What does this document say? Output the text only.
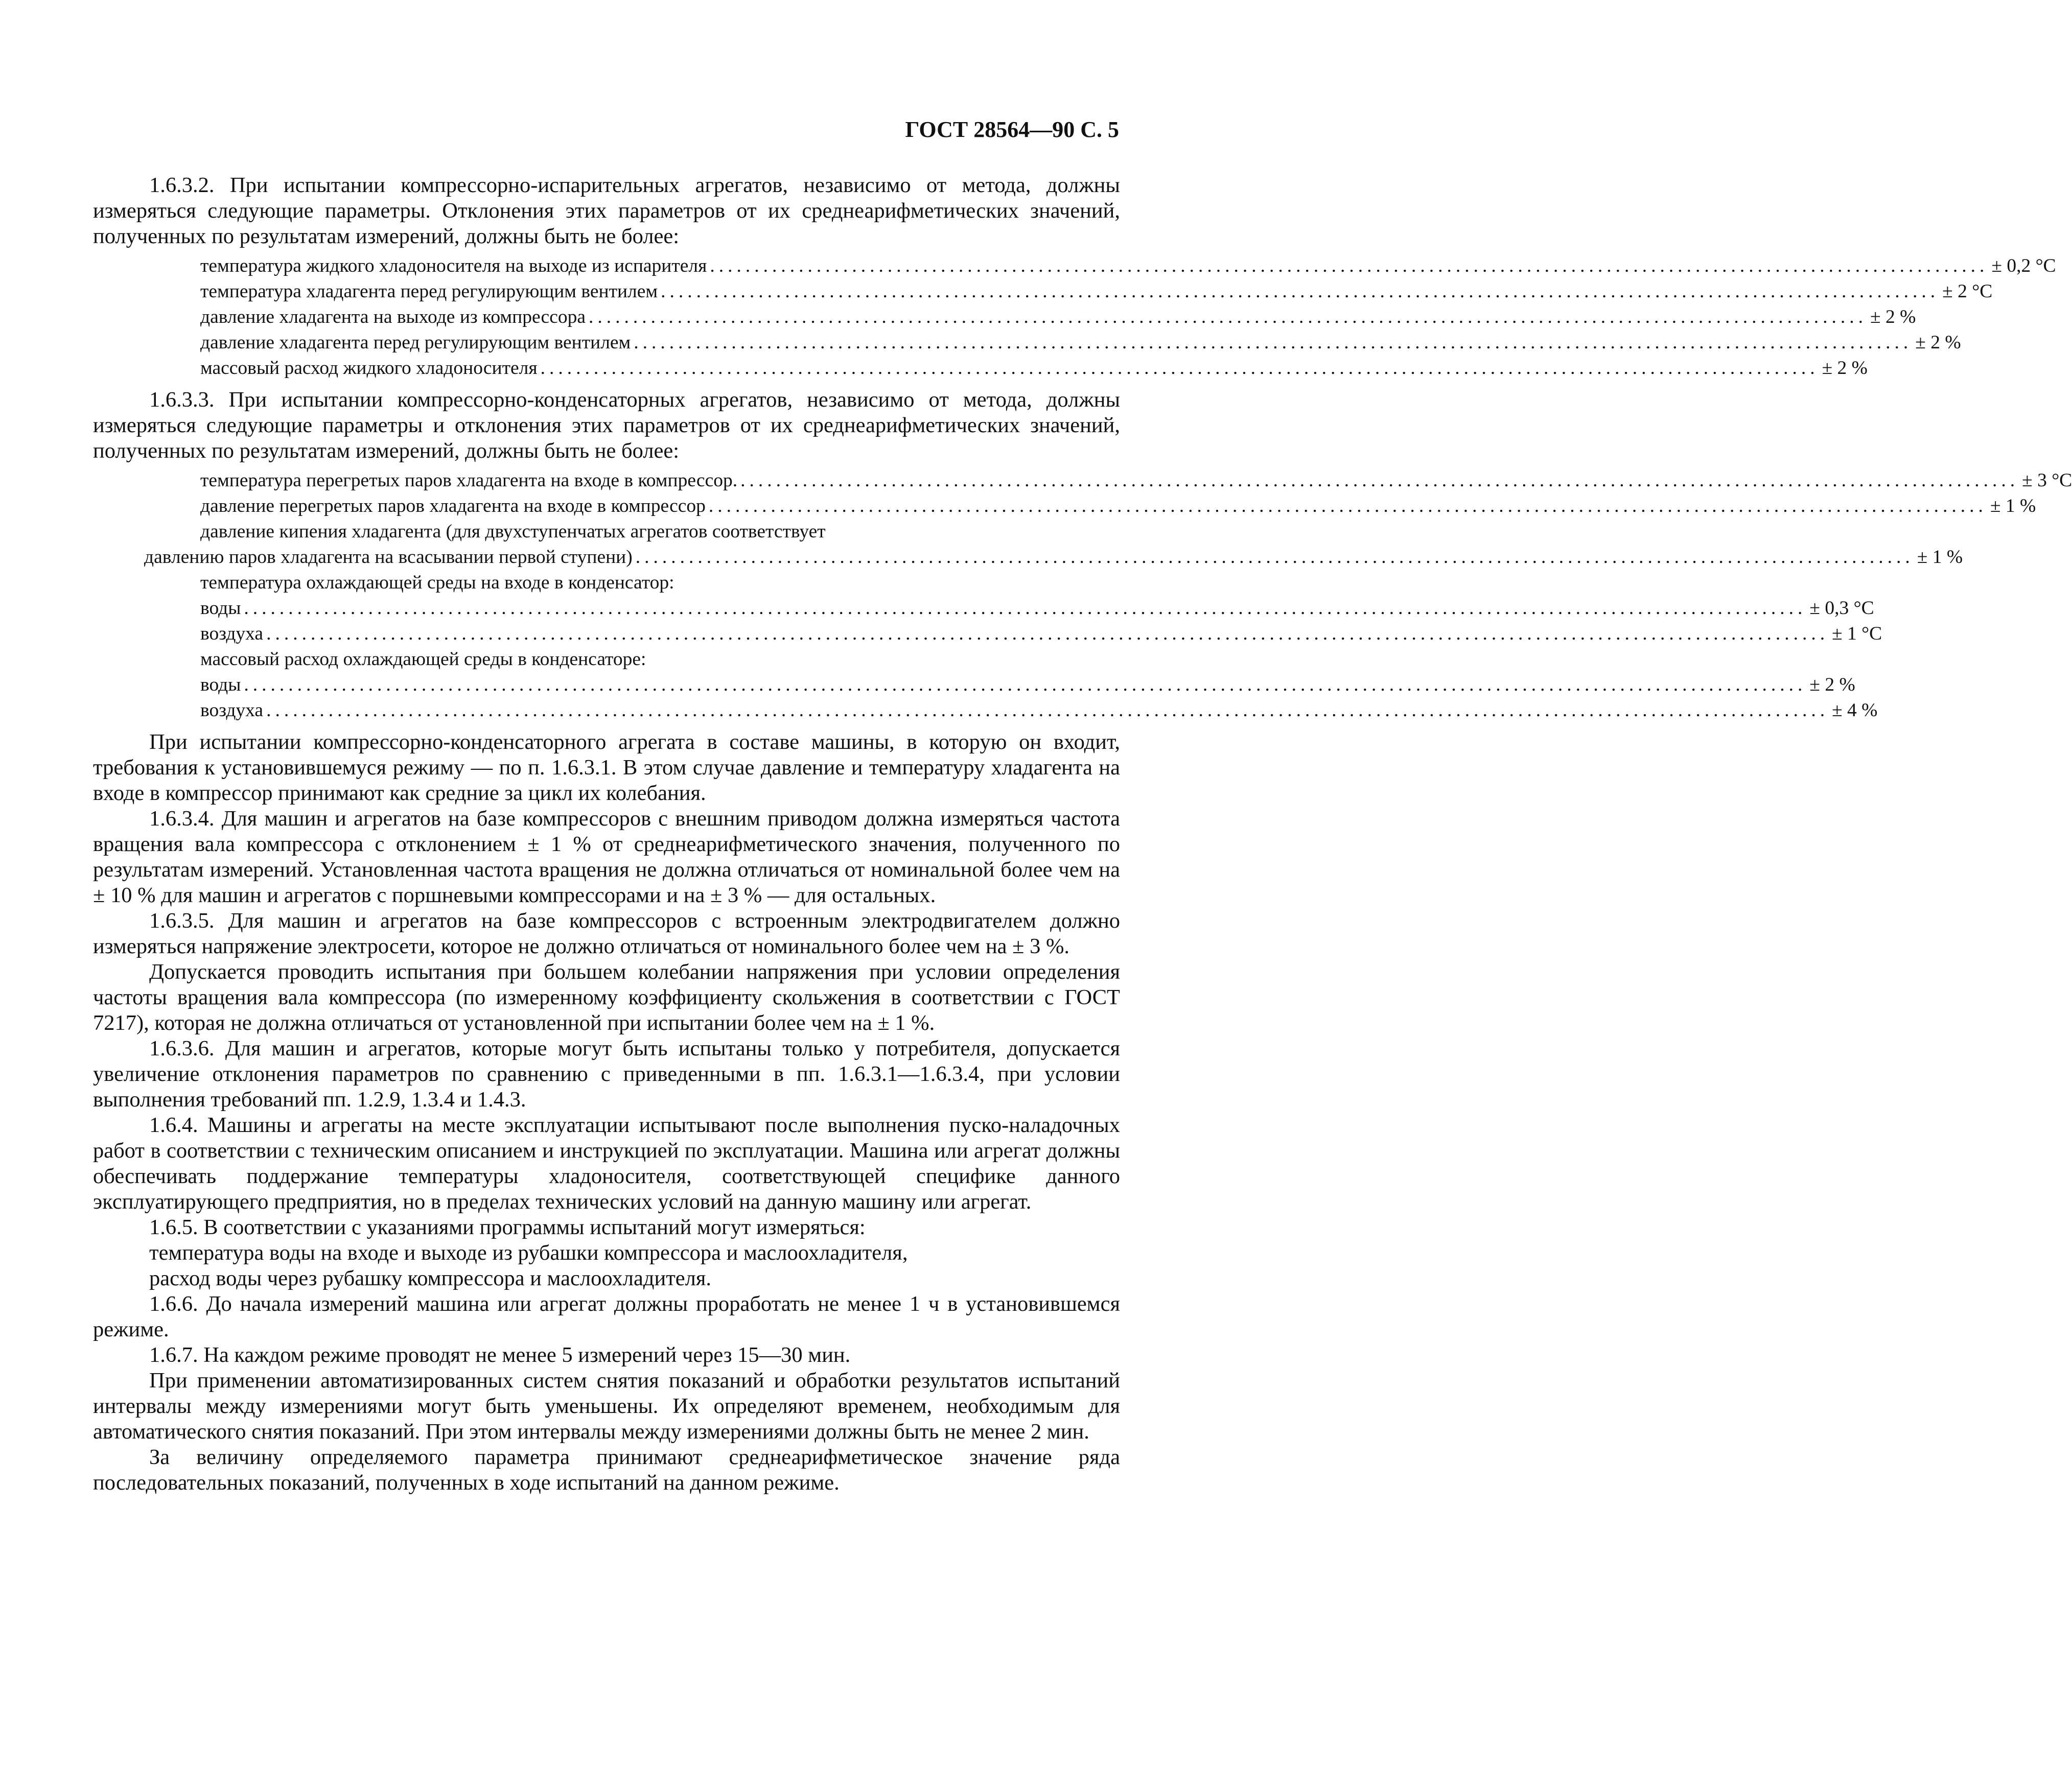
ГОСТ 28564—90 С. 5

1.6.3.2. При испытании компрессорно-испарительных агрегатов, независимо от метода, должны измеряться следующие параметры. Отклонения этих параметров от их среднеарифметических значений, полученных по результатам измерений, должны быть не более:

температура жидкого хладоносителя на выходе из испарителя ................................................................................................................................................ ± 0,2 °С
температура хладагента перед регулирующим вентилем ................................................................................................................................................ ± 2 °С
давление хладагента на выходе из компрессора ................................................................................................................................................ ± 2 %
давление хладагента перед регулирующим вентилем ................................................................................................................................................ ± 2 %
массовый расход жидкого хладоносителя ................................................................................................................................................ ± 2 %

1.6.3.3. При испытании компрессорно-конденсаторных агрегатов, независимо от метода, должны измеряться следующие параметры и отклонения этих параметров от их среднеарифметических значений, полученных по результатам измерений, должны быть не более:

температура перегретых паров хладагента на входе в компрессор. ................................................................................................................................................ ± 3 °С
давление перегретых паров хладагента на входе в компрессор ................................................................................................................................................ ± 1 %
давление кипения хладагента (для двухступенчатых агрегатов соответствует
давлению паров хладагента на всасывании первой ступени) ................................................................................................................................................ ± 1 %
температура охлаждающей среды на входе в конденсатор:
воды ................................................................................................................................................................................ ± 0,3 °С
воздуха ................................................................................................................................................................................ ± 1 °С
массовый расход охлаждающей среды в конденсаторе:
воды ................................................................................................................................................................................ ± 2 %
воздуха ................................................................................................................................................................................ ± 4 %

При испытании компрессорно-конденсаторного агрегата в составе машины, в которую он входит, требования к установившемуся режиму — по п. 1.6.3.1. В этом случае давление и температуру хладагента на входе в компрессор принимают как средние за цикл их колебания.

1.6.3.4. Для машин и агрегатов на базе компрессоров с внешним приводом должна измеряться частота вращения вала компрессора с отклонением ± 1 % от среднеарифметического значения, полученного по результатам измерений. Установленная частота вращения не должна отличаться от номинальной более чем на ± 10 % для машин и агрегатов с поршневыми компрессорами и на ± 3 % — для остальных.

1.6.3.5. Для машин и агрегатов на базе компрессоров с встроенным электродвигателем должно измеряться напряжение электросети, которое не должно отличаться от номинального более чем на ± 3 %.

Допускается проводить испытания при большем колебании напряжения при условии определения частоты вращения вала компрессора (по измеренному коэффициенту скольжения в соответствии с ГОСТ 7217), которая не должна отличаться от установленной при испытании более чем на ± 1 %.

1.6.3.6. Для машин и агрегатов, которые могут быть испытаны только у потребителя, допускается увеличение отклонения параметров по сравнению с приведенными в пп. 1.6.3.1—1.6.3.4, при условии выполнения требований пп. 1.2.9, 1.3.4 и 1.4.3.

1.6.4. Машины и агрегаты на месте эксплуатации испытывают после выполнения пуско-наладочных работ в соответствии с техническим описанием и инструкцией по эксплуатации. Машина или агрегат должны обеспечивать поддержание температуры хладоносителя, соответствующей специфике данного эксплуатирующего предприятия, но в пределах технических условий на данную машину или агрегат.

1.6.5. В соответствии с указаниями программы испытаний могут измеряться:

температура воды на входе и выходе из рубашки компрессора и маслоохладителя,

расход воды через рубашку компрессора и маслоохладителя.

1.6.6. До начала измерений машина или агрегат должны проработать не менее 1 ч в установившемся режиме.

1.6.7. На каждом режиме проводят не менее 5 измерений через 15—30 мин.

При применении автоматизированных систем снятия показаний и обработки результатов испытаний интервалы между измерениями могут быть уменьшены. Их определяют временем, необходимым для автоматического снятия показаний. При этом интервалы между измерениями должны быть не менее 2 мин.

За величину определяемого параметра принимают среднеарифметическое значение ряда последовательных показаний, полученных в ходе испытаний на данном режиме.
